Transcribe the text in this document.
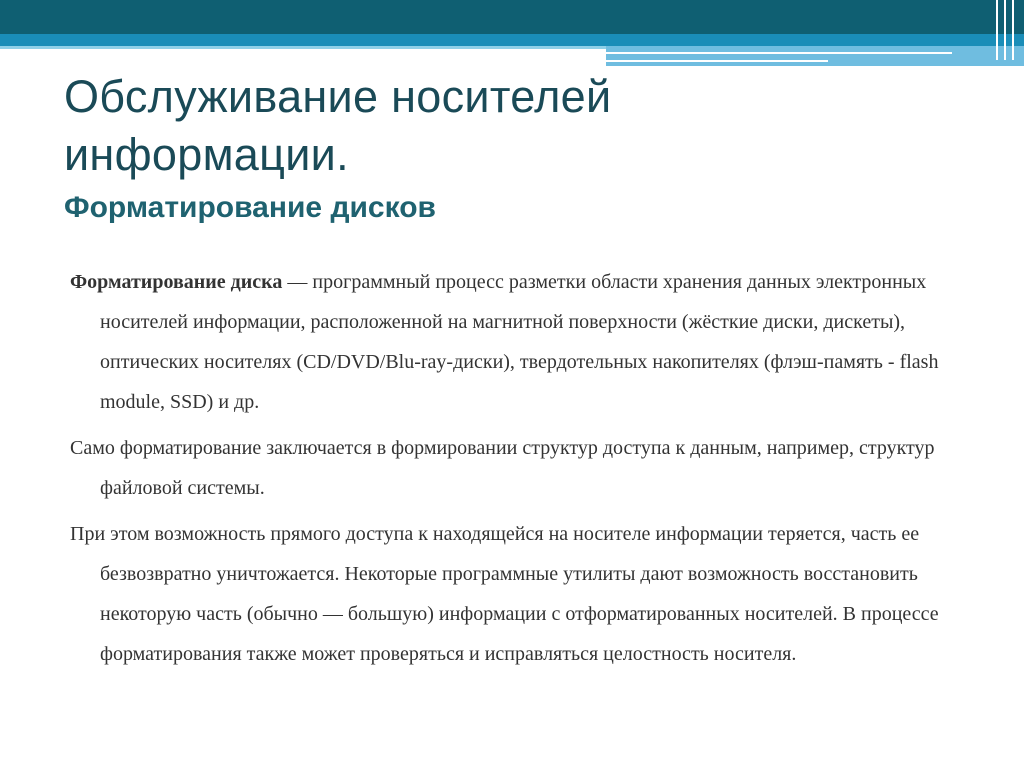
Обслуживание носителей
информации.
Форматирование дисков

Форматирование диска — программный процесс разметки области хранения данных электронных носителей информации, расположенной на магнитной поверхности (жёсткие диски, дискеты), оптических носителях (CD/DVD/Blu-ray-диски), твердотельных накопителях (флэш-память - flash module, SSD) и др.

Само форматирование заключается в формировании структур доступа к данным, например, структур файловой системы.

При этом возможность прямого доступа к находящейся на носителе информации теряется, часть ее безвозвратно уничтожается. Некоторые программные утилиты дают возможность восстановить некоторую часть (обычно — большую) информации с отформатированных носителей. В процессе форматирования также может проверяться и исправляться целостность носителя.
